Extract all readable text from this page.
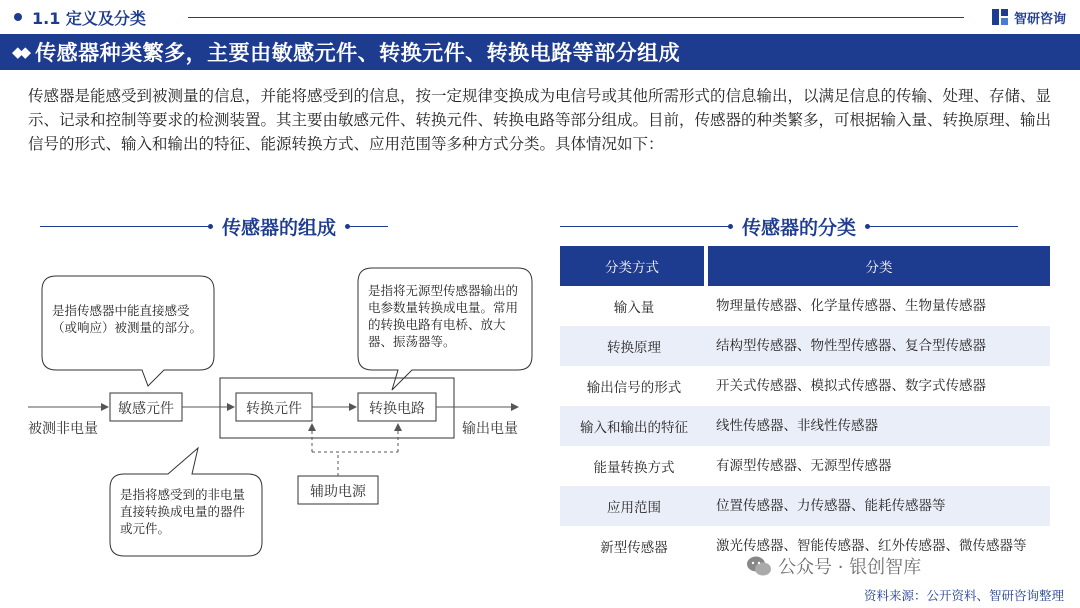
1.1 定义及分类	智研咨询
◆◆ 传感器种类繁多，主要由敏感元件、转换元件、转换电路等部分组成

传感器是能感受到被测量的信息，并能将感受到的信息，按一定规律变换成为电信号或其他所需形式的信息输出，以满足信息的传输、处理、存储、显示、记录和控制等要求的检测装置。其主要由敏感元件、转换元件、转换电路等部分组成。目前，传感器的种类繁多，可根据输入量、转换原理、输出信号的形式、输入和输出的特征、能源转换方式、应用范围等多种方式分类。具体情况如下：

传感器的组成	传感器的分类
是指传感器中能直接感受（或响应）被测量的部分。
是指将无源型传感器输出的电参数量转换成电量。常用的转换电路有电桥、放大器、振荡器等。
是指将感受到的非电量直接转换成电量的器件或元件。
敏感元件	转换元件	转换电路
辅助电源
被测非电量	输出电量
分类方式	分类
输入量	物理量传感器、化学量传感器、生物量传感器
转换原理	结构型传感器、物性型传感器、复合型传感器
输出信号的形式	开关式传感器、模拟式传感器、数字式传感器
输入和输出的特征	线性传感器、非线性传感器
能量转换方式	有源型传感器、无源型传感器
应用范围	位置传感器、力传感器、能耗传感器等
新型传感器	激光传感器、智能传感器、红外传感器、微传感器等
公众号 · 银创智库
资料来源：公开资料、智研咨询整理
